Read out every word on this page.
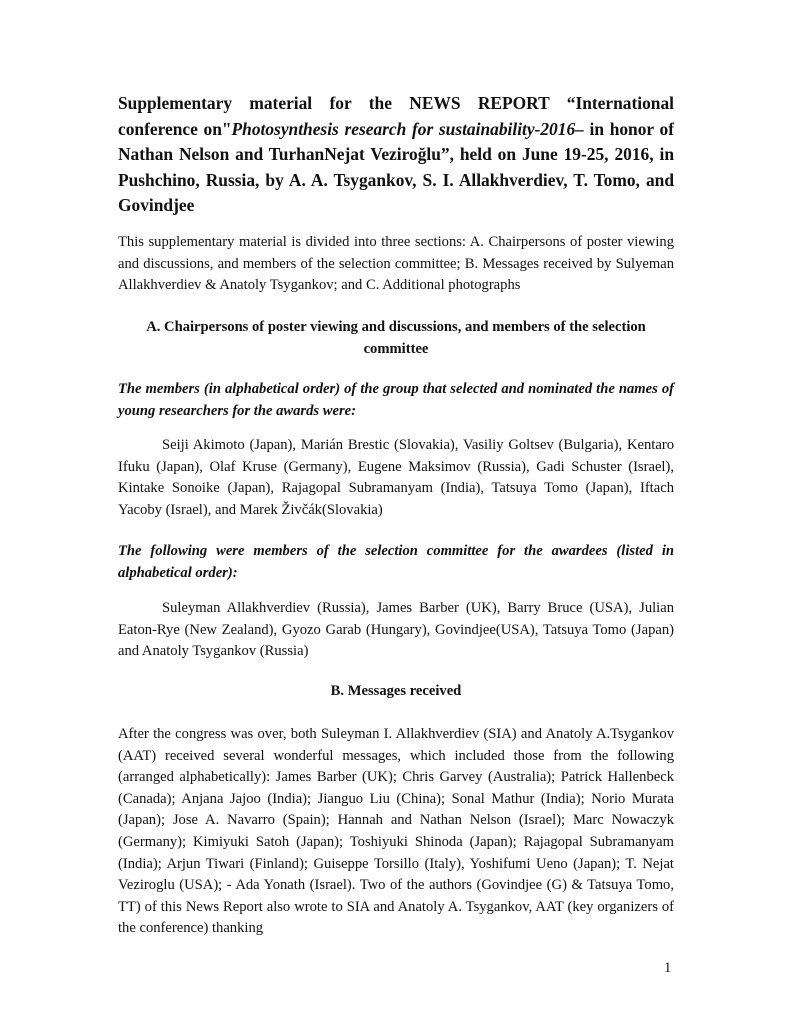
Supplementary material for the NEWS REPORT “International conference on"Photosynthesis research for sustainability-2016– in honor of Nathan Nelson and TurhanNejat Veziroğlu”, held on June 19-25, 2016, in Pushchino, Russia, by A. A. Tsygankov, S. I. Allakhverdiev, T. Tomo, and Govindjee

This supplementary material is divided into three sections: A. Chairpersons of poster viewing and discussions, and members of the selection committee; B. Messages received by Sulyeman Allakhverdiev & Anatoly Tsygankov; and C. Additional photographs

A. Chairpersons of poster viewing and discussions, and members of the selection committee

The members (in alphabetical order) of the group that selected and nominated the names of young researchers for the awards were:

Seiji Akimoto (Japan), Marián Brestic (Slovakia), Vasiliy Goltsev (Bulgaria), Kentaro Ifuku (Japan), Olaf Kruse (Germany), Eugene Maksimov (Russia), Gadi Schuster (Israel), Kintake Sonoike (Japan), Rajagopal Subramanyam (India), Tatsuya Tomo (Japan), Iftach Yacoby (Israel), and Marek Živčák(Slovakia)

The following were members of the selection committee for the awardees (listed in alphabetical order):

Suleyman Allakhverdiev (Russia), James Barber (UK), Barry Bruce (USA), Julian Eaton-Rye (New Zealand), Gyozo Garab (Hungary), Govindjee(USA), Tatsuya Tomo (Japan) and Anatoly Tsygankov (Russia)

B. Messages received

After the congress was over, both Suleyman I. Allakhverdiev (SIA) and Anatoly A.Tsygankov (AAT) received several wonderful messages, which included those from the following (arranged alphabetically): James Barber (UK); Chris Garvey (Australia); Patrick Hallenbeck (Canada); Anjana Jajoo (India); Jianguo Liu (China); Sonal Mathur (India); Norio Murata (Japan); Jose A. Navarro (Spain); Hannah and Nathan Nelson (Israel); Marc Nowaczyk (Germany); Kimiyuki Satoh (Japan); Toshiyuki Shinoda (Japan); Rajagopal Subramanyam (India); Arjun Tiwari (Finland); Guiseppe Torsillo (Italy), Yoshifumi Ueno (Japan); T. Nejat Veziroglu (USA); - Ada Yonath (Israel). Two of the authors (Govindjee (G) & Tatsuya Tomo, TT) of this News Report also wrote to SIA and Anatoly A. Tsygankov, AAT (key organizers of the conference) thanking

1
